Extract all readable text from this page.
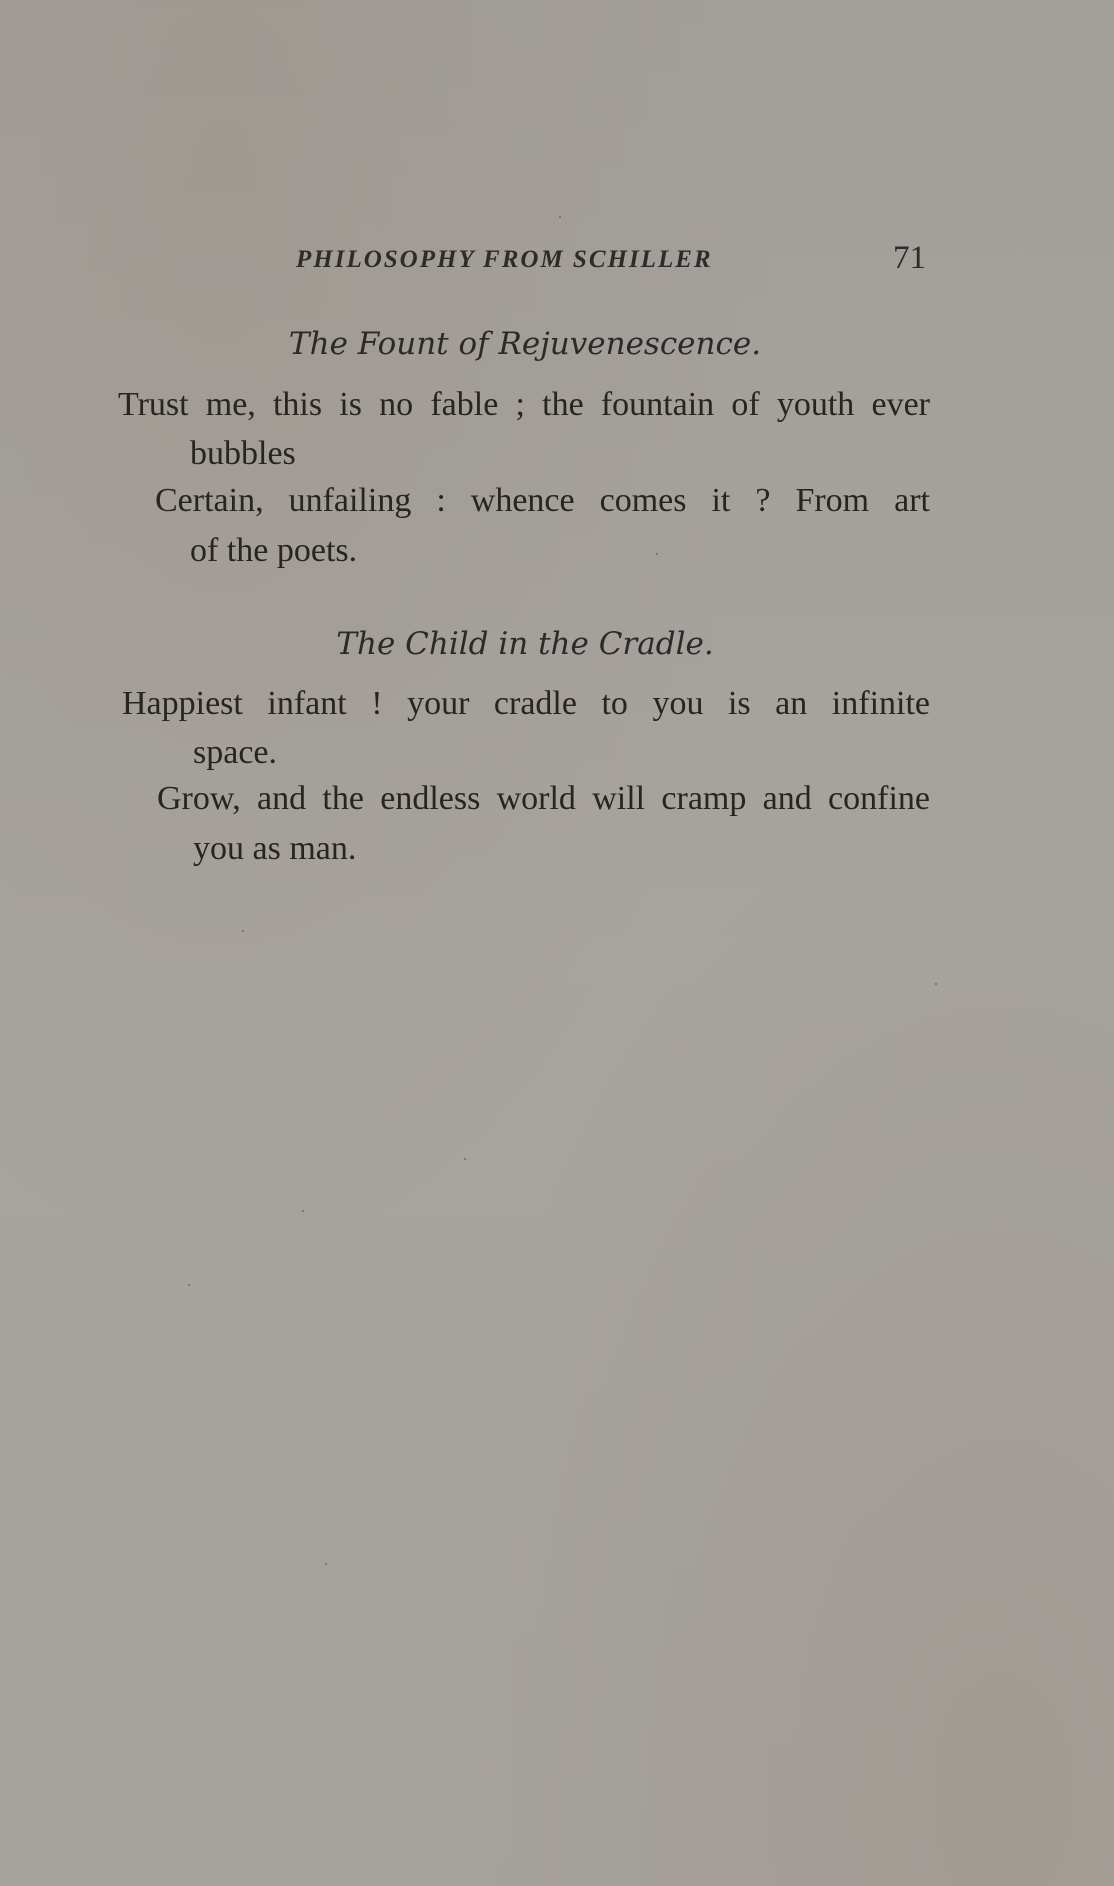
PHILOSOPHY FROM SCHILLER	71
The Fount of Rejuvenescence.
Trust me, this is no fable ; the fountain of youth ever
bubbles
Certain, unfailing : whence comes it ? From art
of the poets.
The Child in the Cradle.
Happiest infant ! your cradle to you is an infinite
space.
Grow, and the endless world will cramp and confine
you as man.
